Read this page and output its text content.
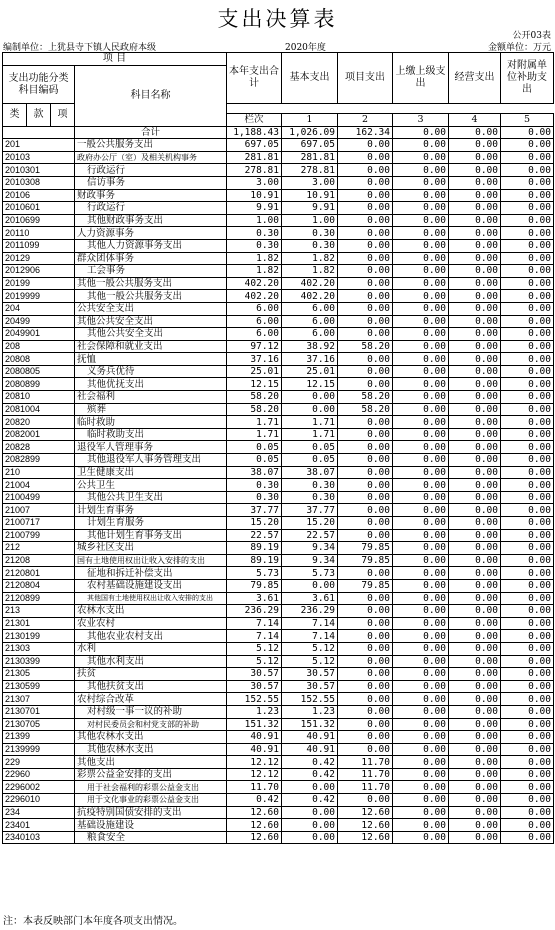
支出决算表
公开03表
编制单位：上犹县寺下镇人民政府本级	2020年度	金额单位：万元
项 目				本年支出合计	基本支出	项目支出	上缴上级支出	经营支出	对附属单位补助支出	
支出功能分类科目编码			科目名称							
类	款	项								
				栏次	1	2	3	4	5	
			合计	1,188.43	1,026.09	162.34	0.00	0.00	0.00	
201			一般公共服务支出	697.05	697.05	0.00	0.00	0.00	0.00	
20103			政府办公厅（室）及相关机构事务	281.81	281.81	0.00	0.00	0.00	0.00	
2010301			行政运行	278.81	278.81	0.00	0.00	0.00	0.00	
2010308			信访事务	3.00	3.00	0.00	0.00	0.00	0.00	
20106			财政事务	10.91	10.91	0.00	0.00	0.00	0.00	
2010601			行政运行	9.91	9.91	0.00	0.00	0.00	0.00	
2010699			其他财政事务支出	1.00	1.00	0.00	0.00	0.00	0.00	
20110			人力资源事务	0.30	0.30	0.00	0.00	0.00	0.00	
2011099			其他人力资源事务支出	0.30	0.30	0.00	0.00	0.00	0.00	
20129			群众团体事务	1.82	1.82	0.00	0.00	0.00	0.00	
2012906			工会事务	1.82	1.82	0.00	0.00	0.00	0.00	
20199			其他一般公共服务支出	402.20	402.20	0.00	0.00	0.00	0.00	
2019999			其他一般公共服务支出	402.20	402.20	0.00	0.00	0.00	0.00	
204			公共安全支出	6.00	6.00	0.00	0.00	0.00	0.00	
20499			其他公共安全支出	6.00	6.00	0.00	0.00	0.00	0.00	
2049901			其他公共安全支出	6.00	6.00	0.00	0.00	0.00	0.00	
208			社会保障和就业支出	97.12	38.92	58.20	0.00	0.00	0.00	
20808			抚恤	37.16	37.16	0.00	0.00	0.00	0.00	
2080805			义务兵优待	25.01	25.01	0.00	0.00	0.00	0.00	
2080899			其他优抚支出	12.15	12.15	0.00	0.00	0.00	0.00	
20810			社会福利	58.20	0.00	58.20	0.00	0.00	0.00	
2081004			殡葬	58.20	0.00	58.20	0.00	0.00	0.00	
20820			临时救助	1.71	1.71	0.00	0.00	0.00	0.00	
2082001			临时救助支出	1.71	1.71	0.00	0.00	0.00	0.00	
20828			退役军人管理事务	0.05	0.05	0.00	0.00	0.00	0.00	
2082899			其他退役军人事务管理支出	0.05	0.05	0.00	0.00	0.00	0.00	
210			卫生健康支出	38.07	38.07	0.00	0.00	0.00	0.00	
21004			公共卫生	0.30	0.30	0.00	0.00	0.00	0.00	
2100499			其他公共卫生支出	0.30	0.30	0.00	0.00	0.00	0.00	
21007			计划生育事务	37.77	37.77	0.00	0.00	0.00	0.00	
2100717			计划生育服务	15.20	15.20	0.00	0.00	0.00	0.00	
2100799			其他计划生育事务支出	22.57	22.57	0.00	0.00	0.00	0.00	
212			城乡社区支出	89.19	9.34	79.85	0.00	0.00	0.00	
21208			国有土地使用权出让收入安排的支出	89.19	9.34	79.85	0.00	0.00	0.00	
2120801			征地和拆迁补偿支出	5.73	5.73	0.00	0.00	0.00	0.00	
2120804			农村基础设施建设支出	79.85	0.00	79.85	0.00	0.00	0.00	
2120899			其他国有土地使用权出让收入安排的支出	3.61	3.61	0.00	0.00	0.00	0.00	
213			农林水支出	236.29	236.29	0.00	0.00	0.00	0.00	
21301			农业农村	7.14	7.14	0.00	0.00	0.00	0.00	
2130199			其他农业农村支出	7.14	7.14	0.00	0.00	0.00	0.00	
21303			水利	5.12	5.12	0.00	0.00	0.00	0.00	
2130399			其他水利支出	5.12	5.12	0.00	0.00	0.00	0.00	
21305			扶贫	30.57	30.57	0.00	0.00	0.00	0.00	
2130599			其他扶贫支出	30.57	30.57	0.00	0.00	0.00	0.00	
21307			农村综合改革	152.55	152.55	0.00	0.00	0.00	0.00	
2130701			对村级一事一议的补助	1.23	1.23	0.00	0.00	0.00	0.00	
2130705			对村民委员会和村党支部的补助	151.32	151.32	0.00	0.00	0.00	0.00	
21399			其他农林水支出	40.91	40.91	0.00	0.00	0.00	0.00	
2139999			其他农林水支出	40.91	40.91	0.00	0.00	0.00	0.00	
229			其他支出	12.12	0.42	11.70	0.00	0.00	0.00	
22960			彩票公益金安排的支出	12.12	0.42	11.70	0.00	0.00	0.00	
2296002			用于社会福利的彩票公益金支出	11.70	0.00	11.70	0.00	0.00	0.00	
2296010			用于文化事业的彩票公益金支出	0.42	0.42	0.00	0.00	0.00	0.00	
234			抗疫特别国债安排的支出	12.60	0.00	12.60	0.00	0.00	0.00	
23401			基础设施建设	12.60	0.00	12.60	0.00	0.00	0.00	
2340103			粮食安全	12.60	0.00	12.60	0.00	0.00	0.00	
注：本表反映部门本年度各项支出情况。
